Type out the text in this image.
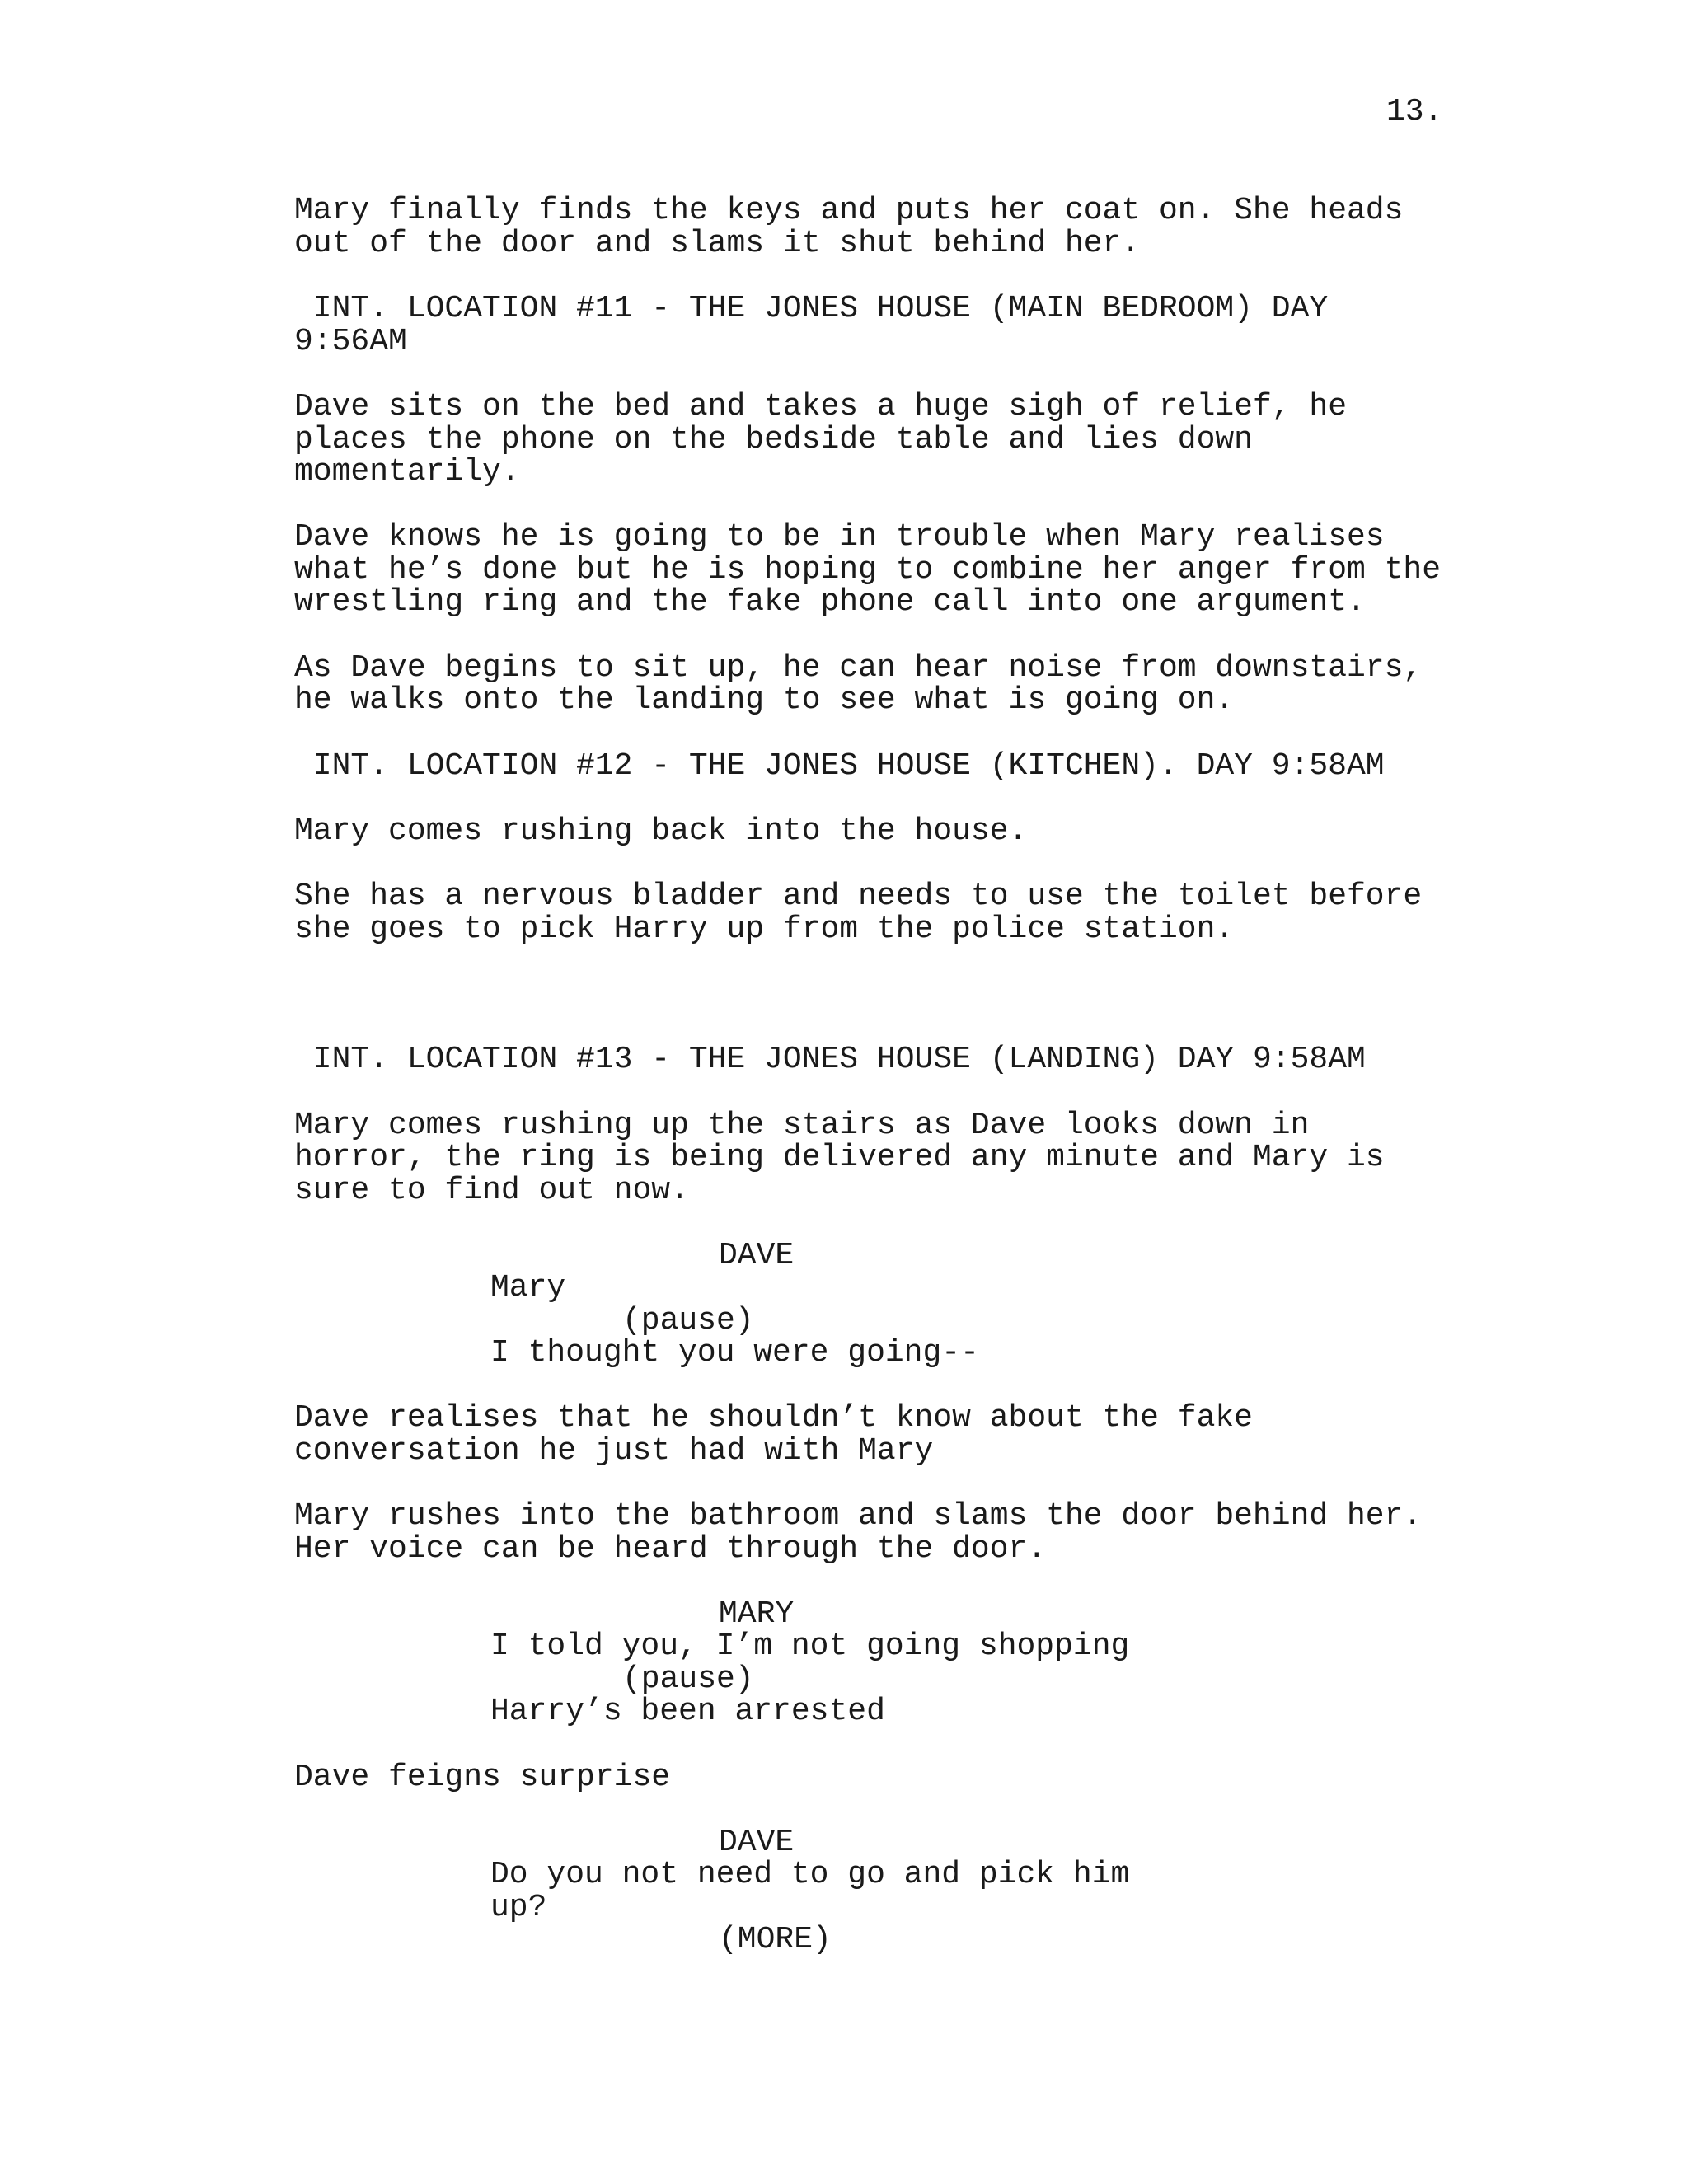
13.
Mary finally finds the keys and puts her coat on. She heads
out of the door and slams it shut behind her.
INT. LOCATION #11 - THE JONES HOUSE (MAIN BEDROOM) DAY
9:56AM
Dave sits on the bed and takes a huge sigh of relief, he
places the phone on the bedside table and lies down
momentarily.
Dave knows he is going to be in trouble when Mary realises
what he’s done but he is hoping to combine her anger from the
wrestling ring and the fake phone call into one argument.
As Dave begins to sit up, he can hear noise from downstairs,
he walks onto the landing to see what is going on.
INT. LOCATION #12 - THE JONES HOUSE (KITCHEN). DAY 9:58AM
Mary comes rushing back into the house.
She has a nervous bladder and needs to use the toilet before
she goes to pick Harry up from the police station.
INT. LOCATION #13 - THE JONES HOUSE (LANDING) DAY 9:58AM
Mary comes rushing up the stairs as Dave looks down in
horror, the ring is being delivered any minute and Mary is
sure to find out now.
DAVE
Mary
(pause)
I thought you were going--
Dave realises that he shouldn’t know about the fake
conversation he just had with Mary
Mary rushes into the bathroom and slams the door behind her.
Her voice can be heard through the door.
MARY
I told you, I’m not going shopping
(pause)
Harry’s been arrested
Dave feigns surprise
DAVE
Do you not need to go and pick him
up?
(MORE)
